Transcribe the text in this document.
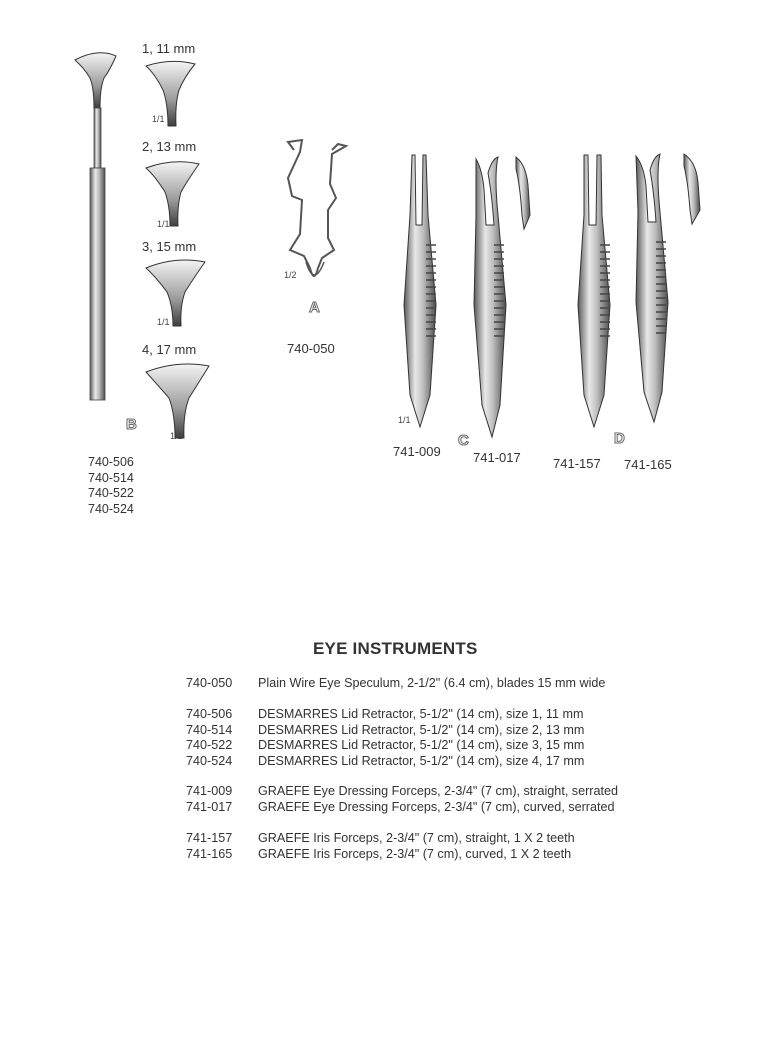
1, 11 mm
2, 13 mm
3, 15 mm
4, 17 mm
1/1
1/1
1/1
1/1
B
740-506
740-514
740-522
740-524
1/2
A
740-050
1/1
C
741-009 741-017
D
741-157 741-165
EYE INSTRUMENTS
740-050 Plain Wire Eye Speculum, 2-1/2" (6.4 cm), blades 15 mm wide
740-506 DESMARRES Lid Retractor, 5-1/2" (14 cm), size 1, 11 mm
740-514 DESMARRES Lid Retractor, 5-1/2" (14 cm), size 2, 13 mm
740-522 DESMARRES Lid Retractor, 5-1/2" (14 cm), size 3, 15 mm
740-524 DESMARRES Lid Retractor, 5-1/2" (14 cm), size 4, 17 mm
741-009 GRAEFE Eye Dressing Forceps, 2-3/4" (7 cm), straight, serrated
741-017 GRAEFE Eye Dressing Forceps, 2-3/4" (7 cm), curved, serrated
741-157 GRAEFE Iris Forceps, 2-3/4" (7 cm), straight, 1 X 2 teeth
741-165 GRAEFE Iris Forceps, 2-3/4" (7 cm), curved, 1 X 2 teeth
